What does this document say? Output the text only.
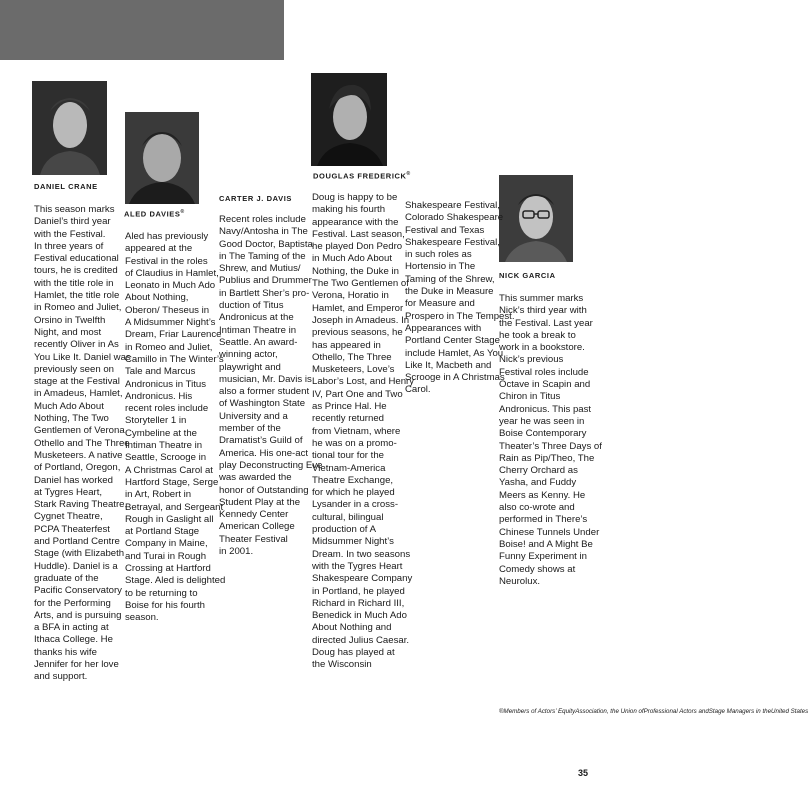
DANIEL CRANE
ALED DAVIES®
CARTER J. DAVIS
DOUGLAS FREDERICK®
NICK GARCIA
This season marks
Daniel’s third year
with the Festival.
In three years of
Festival educational
tours, he is credited
with the title role in
Hamlet, the title role
in Romeo and Juliet,
Orsino in Twelfth
Night, and most
recently Oliver in As
You Like It. Daniel was
previously seen on
stage at the Festival
in Amadeus, Hamlet,
Much Ado About
Nothing, The Two
Gentlemen of Verona,
Othello and The Three
Musketeers. A native
of Portland, Oregon,
Daniel has worked
at Tygres Heart,
Stark Raving Theatre,
Cygnet Theatre,
PCPA Theaterfest
and Portland Centre
Stage (with Elizabeth
Huddle). Daniel is a
graduate of the
Pacific Conservatory
for the Performing
Arts, and is pursuing
a BFA in acting at
Ithaca College. He
thanks his wife
Jennifer for her love
and support.
Aled has previously
appeared at the
Festival in the roles
of Claudius in Hamlet,
Leonato in Much Ado
About Nothing,
Oberon/ Theseus in
A Midsummer Night’s
Dream, Friar Laurence
in Romeo and Juliet,
Camillo in The Winter’s
Tale and Marcus
Andronicus in Titus
Andronicus. His
recent roles include
Storyteller 1 in
Cymbeline at the
Intiman Theatre in
Seattle, Scrooge in
A Christmas Carol at
Hartford Stage, Serge
in Art, Robert in
Betrayal, and Sergeant
Rough in Gaslight all
at Portland Stage
Company in Maine,
and Turai in Rough
Crossing at Hartford
Stage. Aled is delighted
to be returning to
Boise for his fourth
season.
Recent roles include
Navy/Antosha in The
Good Doctor, Baptista
in The Taming of the
Shrew, and Mutius/
Publius and Drummer
in Bartlett Sher’s pro-
duction of Titus
Andronicus at the
Intiman Theatre in
Seattle. An award-
winning actor,
playwright and
musician, Mr. Davis is
also a former student
of Washington State
University and a
member of the
Dramatist’s Guild of
America. His one-act
play Deconstructing Eve
was awarded the
honor of Outstanding
Student Play at the
Kennedy Center
American College
Theater Festival
in 2001.
Doug is happy to be
making his fourth
appearance with the
Festival. Last season,
he played Don Pedro
in Much Ado About
Nothing, the Duke in
The Two Gentlemen of
Verona, Horatio in
Hamlet, and Emperor
Joseph in Amadeus. In
previous seasons, he
has appeared in
Othello, The Three
Musketeers, Love’s
Labor’s Lost, and Henry
IV, Part One and Two
as Prince Hal. He
recently returned
from Vietnam, where
he was on a promo-
tional tour for the
Vietnam-America
Theatre Exchange,
for which he played
Lysander in a cross-
cultural, bilingual
production of A
Midsummer Night’s
Dream. In two seasons
with the Tygres Heart
Shakespeare Company
in Portland, he played
Richard in Richard III,
Benedick in Much Ado
About Nothing and
directed Julius Caesar.
Doug has played at
the Wisconsin
Shakespeare Festival,
Colorado Shakespeare
Festival and Texas
Shakespeare Festival,
in such roles as
Hortensio in The
Taming of the Shrew,
the Duke in Measure
for Measure and
Prospero in The Tempest.
Appearances with
Portland Center Stage
include Hamlet, As You
Like It, Macbeth and
Scrooge in A Christmas
Carol.
This summer marks
Nick’s third year with
the Festival. Last year
he took a break to
work in a bookstore.
Nick’s previous
Festival roles include
Octave in Scapin and
Chiron in Titus
Andronicus. This past
year he was seen in
Boise Contemporary
Theater’s Three Days of
Rain as Pip/Theo, The
Cherry Orchard as
Yasha, and Fuddy
Meers as Kenny. He
also co-wrote and
performed in There’s
Chinese Tunnels Under
Boise! and A Might Be
Funny Experiment in
Comedy shows at
Neurolux.
®Members of Actors’ EquityAssociation, the Union ofProfessional Actors andStage Managers in theUnited States
35
